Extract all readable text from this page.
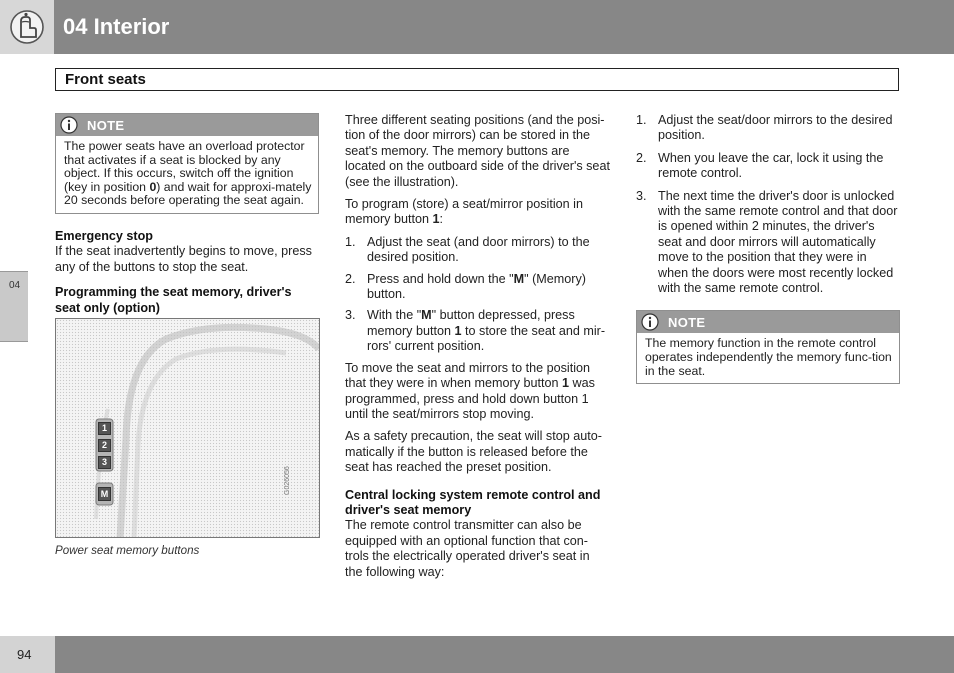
04 Interior
Front seats
04
NOTE
The power seats have an overload protector that activates if a seat is blocked by any object. If this occurs, switch off the ignition (key in position 0) and wait for approxi-mately 20 seconds before operating the seat again.
Emergency stop

If the seat inadvertently begins to move, press any of the buttons to stop the seat.

Programming the seat memory, driver's seat only (option)
1
2
3
M	G026056
Power seat memory buttons

Three different seating positions (and the posi-tion of the door mirrors) can be stored in the seat's memory. The memory buttons are located on the outboard side of the driver's seat (see the illustration).

To program (store) a seat/mirror position in memory button 1:

1. Adjust the seat (and door mirrors) to the desired position.
2. Press and hold down the "M" (Memory) button.
3. With the "M" button depressed, press memory button 1 to store the seat and mir-rors' current position.

To move the seat and mirrors to the position that they were in when memory button 1 was programmed, press and hold down button 1 until the seat/mirrors stop moving.

As a safety precaution, the seat will stop auto-matically if the button is released before the seat has reached the preset position.

Central locking system remote control and driver's seat memory

The remote control transmitter can also be equipped with an optional function that con-trols the electrically operated driver's seat in the following way:

1. Adjust the seat/door mirrors to the desired position.
2. When you leave the car, lock it using the remote control.
3. The next time the driver's door is unlocked with the same remote control and that door is opened within 2 minutes, the driver's seat and door mirrors will automatically move to the position that they were in when the doors were most recently locked with the same remote control.
NOTE
The memory function in the remote control operates independently the memory func-tion in the seat.
94
